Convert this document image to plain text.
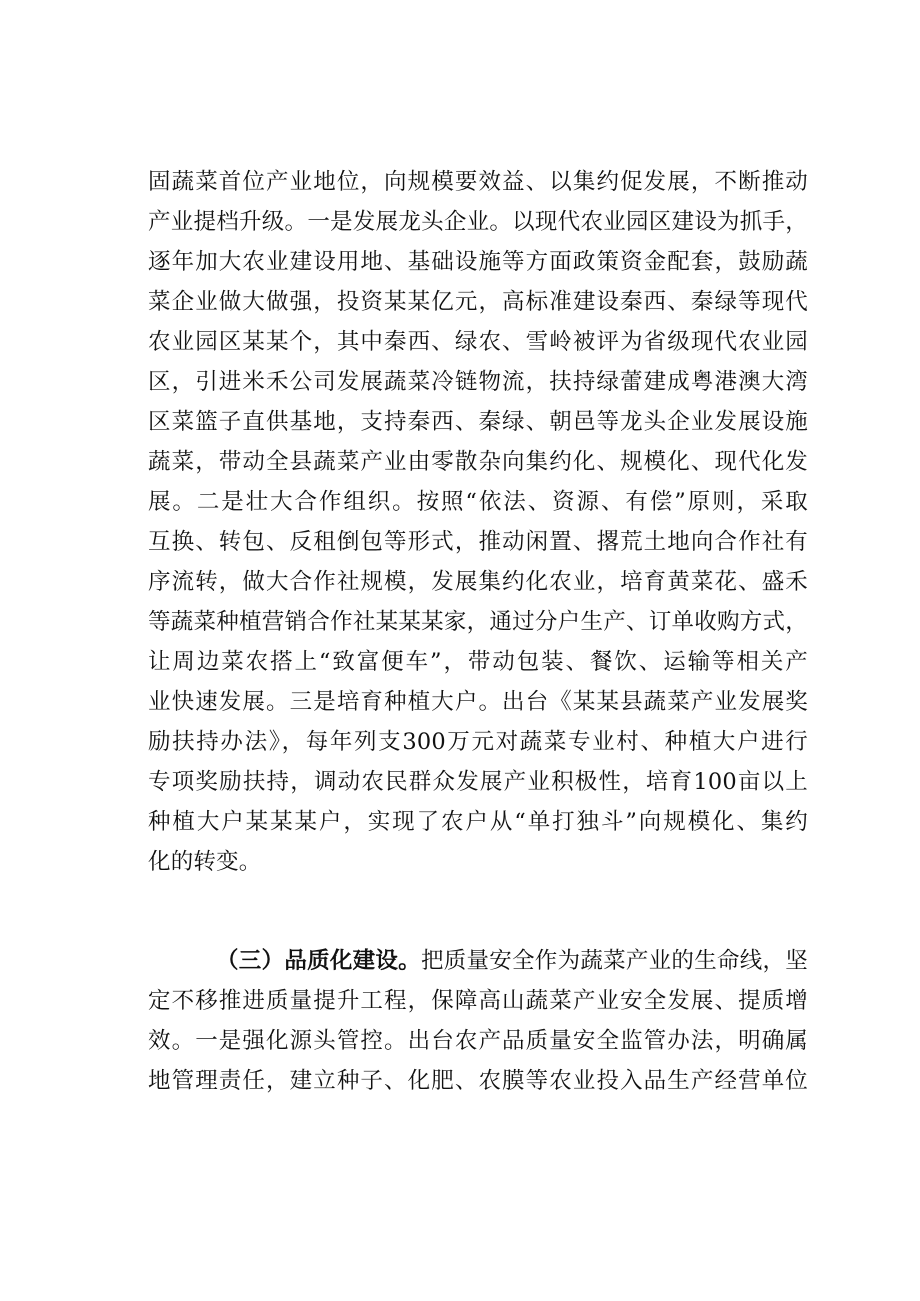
固蔬菜首位产业地位，向规模要效益、以集约促发展，不断推动
产业提档升级。一是发展龙头企业。以现代农业园区建设为抓手，
逐年加大农业建设用地、基础设施等方面政策资金配套，鼓励蔬
菜企业做大做强，投资某某亿元，高标准建设秦西、秦绿等现代
农业园区某某个，其中秦西、绿农、雪岭被评为省级现代农业园
区，引进米禾公司发展蔬菜冷链物流，扶持绿蕾建成粤港澳大湾
区菜篮子直供基地，支持秦西、秦绿、朝邑等龙头企业发展设施
蔬菜，带动全县蔬菜产业由零散杂向集约化、规模化、现代化发
展。二是壮大合作组织。按照“依法、资源、有偿”原则，采取
互换、转包、反租倒包等形式，推动闲置、撂荒土地向合作社有
序流转，做大合作社规模，发展集约化农业，培育黄菜花、盛禾
等蔬菜种植营销合作社某某某家，通过分户生产、订单收购方式，
让周边菜农搭上“致富便车”，带动包装、餐饮、运输等相关产
业快速发展。三是培育种植大户。出台《某某县蔬菜产业发展奖
励扶持办法》，每年列支300万元对蔬菜专业村、种植大户进行
专项奖励扶持，调动农民群众发展产业积极性，培育100亩以上
种植大户某某某户，实现了农户从“单打独斗”向规模化、集约
化的转变。
（三）品质化建设。把质量安全作为蔬菜产业的生命线，坚
定不移推进质量提升工程，保障高山蔬菜产业安全发展、提质增
效。一是强化源头管控。出台农产品质量安全监管办法，明确属
地管理责任，建立种子、化肥、农膜等农业投入品生产经营单位
